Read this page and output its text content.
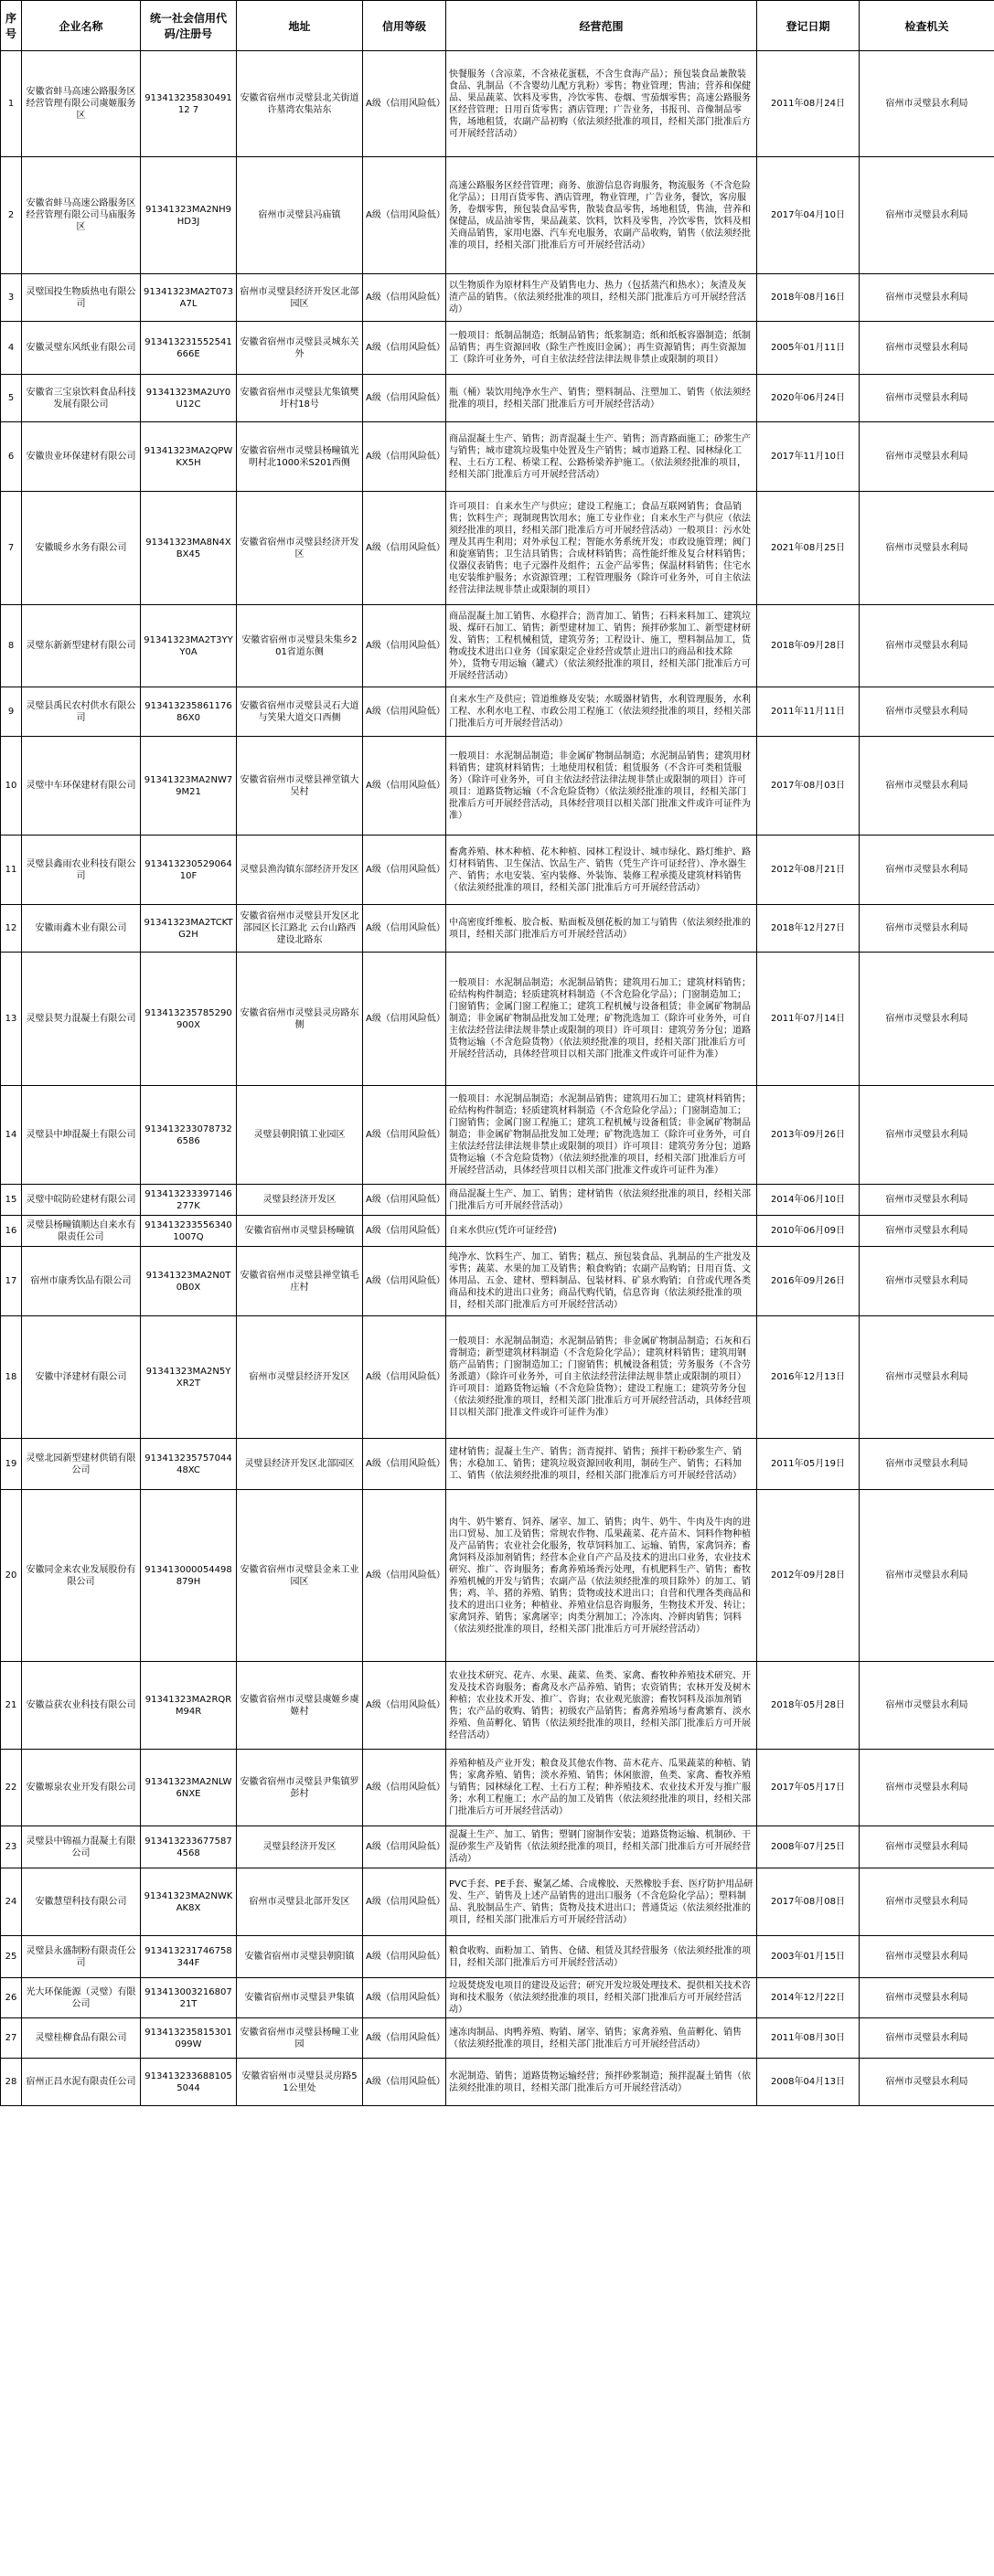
序号	企业名称	统一社会信用代码/注册号	地址	信用等级	经营范围	登记日期	检查机关
1	安徽省蚌马高速公路服务区经营管理有限公司虞姬服务区	91341323583049112 7	安徽省宿州市灵璧县北关街道许墓湾农集站东	A级（信用风险低）	快餐服务（含凉菜，不含裱花蛋糕，不含生食海产品）；预包装食品兼散装食品、乳制品（不含婴幼儿配方乳粉）零售；物业管理；售油；营养和保健品、果品蔬菜、饮料及零售，冷饮零售、卷烟、雪茄烟零售；高速公路服务区经营管理；日用百货零售；酒店管理；广告业务，书报刊、音像制品零售，场地租赁，农副产品初购（依法须经批准的项目，经相关部门批准后方可开展经营活动）	2011年08月24日	宿州市灵璧县水利局
2	安徽省蚌马高速公路服务区经营管理有限公司马庙服务区	91341323MA2NH9HD3J	宿州市灵璧县冯庙镇	A级（信用风险低）	高速公路服务区经营管理；商务、旅游信息咨询服务，物流服务（不含危险化学品）；日用百货零售、酒店管理，物业管理，广告业务，餐饮，客房服务，卷烟零售，预包装食品零售，散装食品零售，场地租赁，售油，营养和保健品，成品油零售，果品蔬菜、饮料，饮料及零售，冷饮零售，饮料及相关商品销售，家用电器、汽车充电服务，农副产品收购，销售（依法须经批准的项目，经相关部门批准后方可开展经营活动）	2017年04月10日	宿州市灵璧县水利局
3	灵璧国投生物质热电有限公司	91341323MA2T073A7L	宿州市灵璧县经济开发区北部园区	A级（信用风险低）	以生物质作为原材料生产及销售电力、热力（包括蒸汽和热水）；灰渣及灰渣产品的销售。（依法须经批准的项目，经相关部门批准后方可开展经营活动）	2018年08月16日	宿州市灵璧县水利局
4	安徽灵璧东风纸业有限公司	913413231552541666E	安徽省宿州市灵璧县灵城东关外	A级（信用风险低）	一般项目：纸制品制造；纸制品销售；纸浆制造；纸和纸板容器制造；纸制品销售；再生资源回收（除生产性废旧金属）；再生资源销售；再生资源加工（除许可业务外，可自主依法经营法律法规非禁止或限制的项目）	2005年01月11日	宿州市灵璧县水利局
5	安徽省三宝泉饮料食品科技发展有限公司	91341323MA2UY0U12C	安徽省宿州市灵璧县尤集镇樊圩村18号	A级（信用风险低）	瓶（桶）装饮用纯净水生产、销售；塑料制品、注塑加工、销售（依法须经批准的项目，经相关部门批准后方可开展经营活动）	2020年06月24日	宿州市灵璧县水利局
6	安徽贵业环保建材有限公司	91341323MA2QPWKX5H	安徽省宿州市灵璧县杨疃镇光明村北1000米S201西侧	A级（信用风险低）	商品混凝土生产、销售；沥青混凝土生产、销售；沥青路面施工；砂浆生产与销售；城市建筑垃圾集中处置及生产销售；城市道路工程、园林绿化工程、土石方工程、桥梁工程、公路桥梁养护施工。（依法须经批准的项目，经相关部门批准后方可开展经营活动）	2017年11月10日	宿州市灵璧县水利局
7	安徽暖乡水务有限公司	91341323MA8N4XBX45	安徽省宿州市灵璧县经济开发区	A级（信用风险低）	许可项目：自来水生产与供应；建设工程施工；食品互联网销售；食品销售；饮料生产；现制现售饮用水；施工专业作业；自来水生产与供应（依法须经批准的项目，经相关部门批准后方可开展经营活动）一般项目：污水处理及其再生利用；对外承包工程；智能水务系统开发；市政设施管理；阀门和旋塞销售；卫生洁具销售；合成材料销售；高性能纤维及复合材料销售；仪器仪表销售；电子元器件及组件；五金产品零售；保温材料销售；住宅水电安装维护服务；水资源管理；工程管理服务（除许可业务外，可自主依法经营法律法规非禁止或限制的项目）	2021年08月25日	宿州市灵璧县水利局
8	灵璧东新新型建材有限公司	91341323MA2T3YYY0A	安徽省宿州市灵璧县朱集乡201省道东侧	A级（信用风险低）	商品混凝土加工销售、水稳拌合；沥青加工、销售；石料来料加工、建筑垃圾、煤矸石加工、销售；新型建材加工、销售；预拌砂浆加工、新型建材研发、销售；工程机械租赁，建筑劳务；工程设计、施工，塑料制品加工，货物或技术进出口业务（国家限定企业经营或禁止进出口的商品和技术除外），货物专用运输（罐式）（依法须经批准的项目，经相关部门批准后方可开展经营活动）	2018年09月28日	宿州市灵璧县水利局
9	灵璧县禹民农村供水有限公司	91341323586117686X0	安徽省宿州市灵璧县灵石大道与笑果大道交口西侧	A级（信用风险低）	自来水生产及供应；管道维修及安装；水暖器材销售，水利管理服务，水利工程、水利水电工程、市政公用工程施工（依法须经批准的项目，经相关部门批准后方可开展经营活动）	2011年11月11日	宿州市灵璧县水利局
10	灵璧中车环保建材有限公司	91341323MA2NW79M21	安徽省宿州市灵璧县禅堂镇大吴村	A级（信用风险低）	一般项目：水泥制品制造；非金属矿物制品制造；水泥制品销售；建筑用材料销售；建筑材料销售；土地使用权租赁；租赁服务（不含许可类租赁服务）（除许可业务外，可自主依法经营法律法规非禁止或限制的项目）许可项目：道路货物运输（不含危险货物）（依法须经批准的项目，经相关部门批准后方可开展经营活动，具体经营项目以相关部门批准文件或许可证件为准）	2017年08月03日	宿州市灵璧县水利局
11	灵璧县鑫雨农业科技有限公司	91341323052906410F	灵璧县渔沟镇东部经济开发区	A级（信用风险低）	畜禽养殖、林木种植、花木种植、园林工程设计、城市绿化、路灯维护、路灯材料销售、卫生保洁、饮品生产、销售（凭生产许可证经营）、净水器生产、销售；水电安装、室内装修、外装饰、装修工程承揽及建筑材料销售（依法须经批准的项目，经相关部门批准后方可开展经营活动）	2012年08月21日	宿州市灵璧县水利局
12	安徽雨鑫木业有限公司	91341323MA2TCKTG2H	安徽省宿州市灵璧县开发区北部园区长江路北 云台山路西 建设北路东	A级（信用风险低）	中高密度纤维板、胶合板、贴面板及刨花板的加工与销售（依法须经批准的项目，经相关部门批准后方可开展经营活动）	2018年12月27日	宿州市灵璧县水利局
13	灵璧县契力混凝土有限公司	913413235785290900X	安徽省宿州市灵璧县灵房路东侧	A级（信用风险低）	一般项目：水泥制品制造；水泥制品销售；建筑用石加工；建筑材料销售；砼结构构件制造；轻质建筑材料制造（不含危险化学品）；门窗制造加工；门窗销售；金属门窗工程施工；建筑工程机械与设备租赁；非金属矿物制品制造；非金属矿物制品批发加工处理；矿物洗选加工（除许可业务外，可自主依法经营法律法规非禁止或限制的项目）许可项目：建筑劳务分包；道路货物运输（不含危险货物）（依法须经批准的项目，经相关部门批准后方可开展经营活动，具体经营项目以相关部门批准文件或许可证件为准）	2011年07月14日	宿州市灵璧县水利局
14	灵璧县中坤混凝土有限公司	9134132330787326586	灵璧县朝阳镇工业园区	A级（信用风险低）	一般项目：水泥制品制造；水泥制品销售；建筑用石加工；建筑材料销售；砼结构构件制造；轻质建筑材料制造（不含危险化学品）；门窗制造加工；门窗销售；金属门窗工程施工；建筑工程机械与设备租赁；非金属矿物制品制造；非金属矿物制品批发加工处理；矿物洗选加工（除许可业务外，可自主依法经营法律法规非禁止或限制的项目）许可项目：建筑劳务分包；道路货物运输（不含危险货物）（依法须经批准的项目，经相关部门批准后方可开展经营活动，具体经营项目以相关部门批准文件或许可证件为准）	2013年09月26日	宿州市灵璧县水利局
15	灵璧中皖防砼建材有限公司	913413233397146277K	灵璧县经济开发区	A级（信用风险低）	商品混凝土生产、加工、销售；建材销售（依法须经批准的项目，经相关部门批准后方可开展经营活动）	2014年06月10日	宿州市灵璧县水利局
16	灵璧县杨疃镇顺达自来水有限责任公司	9134132335563401007Q	安徽省宿州市灵璧县杨疃镇	A级（信用风险低）	自来水供应(凭许可证经营)	2010年06月09日	宿州市灵璧县水利局
17	宿州市康秀饮品有限公司	91341323MA2N0T0B0X	安徽省宿州市灵璧县禅堂镇毛庄村	A级（信用风险低）	纯净水、饮料生产、加工、销售；糕点、预包装食品、乳制品的生产批发及零售；蔬菜、水果的加工及销售；粮食购销；农副产品购销；日用百货、文体用品、五金、建材、塑料制品、包装材料、矿泉水购销；自营或代理各类商品和技术的进出口业务；商品代购代销，信息咨询（依法须经批准的项目，经相关部门批准后方可开展经营活动）	2016年09月26日	宿州市灵璧县水利局
18	安徽中泽建材有限公司	91341323MA2N5YXR2T	宿州市灵璧县经济开发区	A级（信用风险低）	一般项目：水泥制品制造；水泥制品销售；非金属矿物制品制造；石灰和石膏制造；新型建筑材料制造（不含危险化学品）；建筑材料销售；建筑用钢筋产品销售；门窗制造加工；门窗销售；机械设备租赁；劳务服务（不含劳务派遣）（除许可业务外，可自主依法经营法律法规非禁止或限制的项目）许可项目：道路货物运输（不含危险货物）；建设工程施工；建筑劳务分包（依法须经批准的项目，经相关部门批准后方可开展经营活动，具体经营项目以相关部门批准文件或许可证件为准）	2016年12月13日	宿州市灵璧县水利局
19	灵璧北园新型建材供销有限公司	91341323575704448XC	灵璧县经济开发区北部园区	A级（信用风险低）	建材销售；混凝土生产、销售；沥青搅拌、销售；预拌干粉砂浆生产、销售；水稳加工、销售；建筑垃圾资源回收利用，制砖生产、销售；石料加工、销售（依法须经批准的项目，经相关部门批准后方可开展经营活动）	2011年05月19日	宿州市灵璧县水利局
20	安徽同金来农业发展股份有限公司	913413000054498879H	安徽省宿州市灵璧县金来工业园区	A级（信用风险低）	肉牛、奶牛繁育、饲养、屠宰、加工、销售；肉牛、奶牛、牛肉及牛肉的进出口贸易、加工及销售；常规农作物、瓜果蔬菜、花卉苗木、饲料作物种植及产品销售；农业社会化服务，牧草饲料加工、运输、销售，家禽饲养；畜禽饲料及添加剂销售；经营本企业自产产品及技术的进出口业务，农业技术研究、推广、咨询服务；畜禽养殖场粪污处理，有机肥料生产、销售；畜牧养殖机械的开发与销售；农副产品（依法须经批准的项目除外）的加工、销售；鸡、羊、猪的养殖、销售；货物或技术进出口；自营和代理各类商品和技术的进出口业务；种植业、养殖业信息咨询服务，生物技术开发、转让；家禽饲养、销售；家禽屠宰；肉类分割加工；冷冻肉、冷鲜肉销售；饲料（依法须经批准的项目，经相关部门批准后方可开展经营活动）	2012年09月28日	宿州市灵璧县水利局
21	安徽益获农业科技有限公司	91341323MA2RQRM94R	安徽省宿州市灵璧县虞姬乡虞姬村	A级（信用风险低）	农业技术研究、花卉、水果、蔬菜、鱼类、家禽、畜牧种养殖技术研究、开发及技术咨询服务；畜禽及水产品养殖、销售；农资销售；农林开发及树木种植；农业技术开发、推广、咨询；农业观光旅游；畜牧饲料及添加剂销售；农产品的收购、销售；初级农产品销售；畜禽养殖场与畜禽繁育、淡水养殖、鱼苗孵化、销售（依法须经批准的项目，经相关部门批准后方可开展经营活动）	2018年05月28日	宿州市灵璧县水利局
22	安徽塬泉农业开发有限公司	91341323MA2NLW6NXE	安徽省宿州市灵璧县尹集镇罗彭村	A级（信用风险低）	养殖种植及产业开发；粮食及其他农作物、苗木花卉、瓜果蔬菜的种植、销售；家禽养殖、销售；淡水养殖、销售；休闲旅游，鱼类、家禽、畜牧养殖与销售；园林绿化工程、土石方工程；种养殖技术、农业技术开发与推广服务；水利工程施工；水产品的加工及销售（依法须经批准的项目，经相关部门批准后方可开展经营活动）	2017年05月17日	宿州市灵璧县水利局
23	灵璧县中锦福力混凝土有限公司	9134132336775874568	灵璧县经济开发区	A级（信用风险低）	混凝土生产、加工、销售；塑钢门窗制作安装；道路货物运输、机制砂、干混砂浆生产及销售（依法须经批准的项目，经相关部门批准后方可开展经营活动）	2008年07月25日	宿州市灵璧县水利局
24	安徽慧望科技有限公司	91341323MA2NWKAK8X	宿州市灵璧县北部开发区	A级（信用风险低）	PVC手套、PE手套、聚氯乙烯、合成橡胶、天然橡胶手套、医疗防护用品研发、生产、销售及上述产品销售的进出口服务（不含危险化学品）；塑料制品、乳胶制品生产、销售；货物及技术进出口；普通货运（依法须经批准的项目，经相关部门批准后方可开展经营活动）	2017年08月08日	宿州市灵璧县水利局
25	灵璧县永盛制粉有限责任公司	913413231746758344F	安徽省宿州市灵璧县朝阳镇	A级（信用风险低）	粮食收购、面粉加工、销售、仓储、租赁及其经营服务（依法须经批准的项目，经相关部门批准后方可开展经营活动）	2003年01月15日	宿州市灵璧县水利局
26	光大环保能源（灵璧）有限公司	91341300321680721T	安徽省宿州市灵璧县尹集镇	A级（信用风险低）	垃圾焚烧发电项目的建设及运营；研究开发垃圾处理技术、提供相关技术咨询和技术服务（依法须经批准的项目，经相关部门批准后方可开展经营活动）	2014年12月22日	宿州市灵璧县水利局
27	灵璧桂柳食品有限公司	913413235815301099W	安徽省宿州市灵璧县杨疃工业园	A级（信用风险低）	速冻肉制品、肉鸭养殖、购销、屠宰、销售；家禽养殖、鱼苗孵化、销售（依法须经批准的项目，经相关部门批准后方可开展经营活动）	2011年08月30日	宿州市灵璧县水利局
28	宿州正昌水泥有限责任公司	9134132336881055044	安徽省宿州市灵璧县灵房路51公里处	A级（信用风险低）	水泥制造、销售；道路货物运输经营；预拌砂浆制造；预拌混凝土销售（依法须经批准的项目，经相关部门批准后方可开展经营活动）	2008年04月13日	宿州市灵璧县水利局
